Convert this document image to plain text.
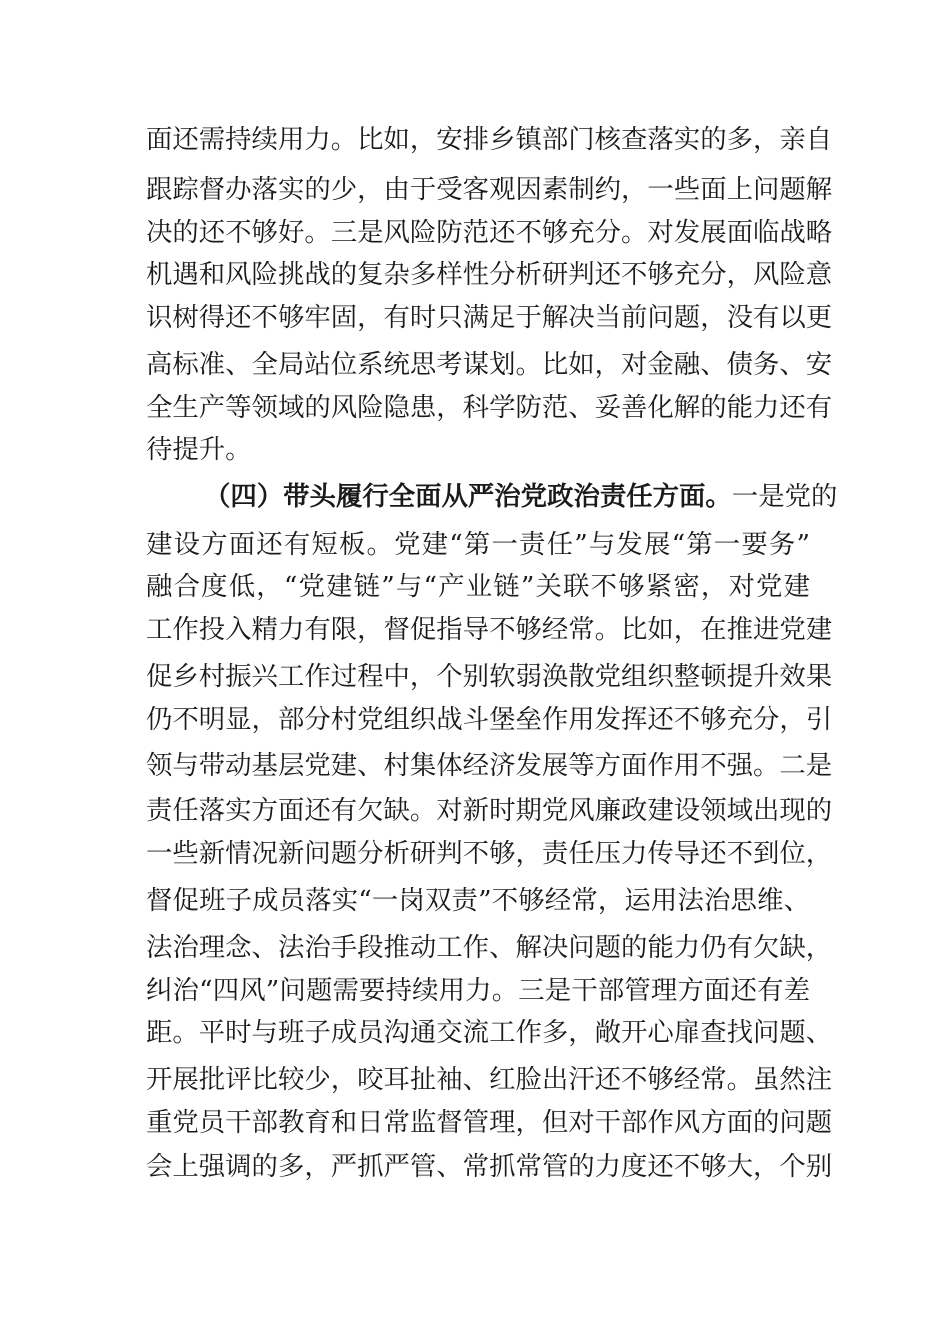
面还需持续用力。比如，安排乡镇部门核查落实的多，亲自
跟踪督办落实的少，由于受客观因素制约，一些面上问题解
决的还不够好。三是风险防范还不够充分。对发展面临战略
机遇和风险挑战的复杂多样性分析研判还不够充分，风险意
识树得还不够牢固，有时只满足于解决当前问题，没有以更
高标准、全局站位系统思考谋划。比如，对金融、债务、安
全生产等领域的风险隐患，科学防范、妥善化解的能力还有
待提升。
（四）带头履行全面从严治党政治责任方面。一是党的
建设方面还有短板。党建“第一责任”与发展“第一要务”
融合度低，“党建链”与“产业链”关联不够紧密，对党建
工作投入精力有限，督促指导不够经常。比如，在推进党建
促乡村振兴工作过程中，个别软弱涣散党组织整顿提升效果
仍不明显，部分村党组织战斗堡垒作用发挥还不够充分，引
领与带动基层党建、村集体经济发展等方面作用不强。二是
责任落实方面还有欠缺。对新时期党风廉政建设领域出现的
一些新情况新问题分析研判不够，责任压力传导还不到位，
督促班子成员落实“一岗双责”不够经常，运用法治思维、
法治理念、法治手段推动工作、解决问题的能力仍有欠缺，
纠治“四风”问题需要持续用力。三是干部管理方面还有差
距。平时与班子成员沟通交流工作多，敞开心扉查找问题、
开展批评比较少，咬耳扯袖、红脸出汗还不够经常。虽然注
重党员干部教育和日常监督管理，但对干部作风方面的问题
会上强调的多，严抓严管、常抓常管的力度还不够大，个别
